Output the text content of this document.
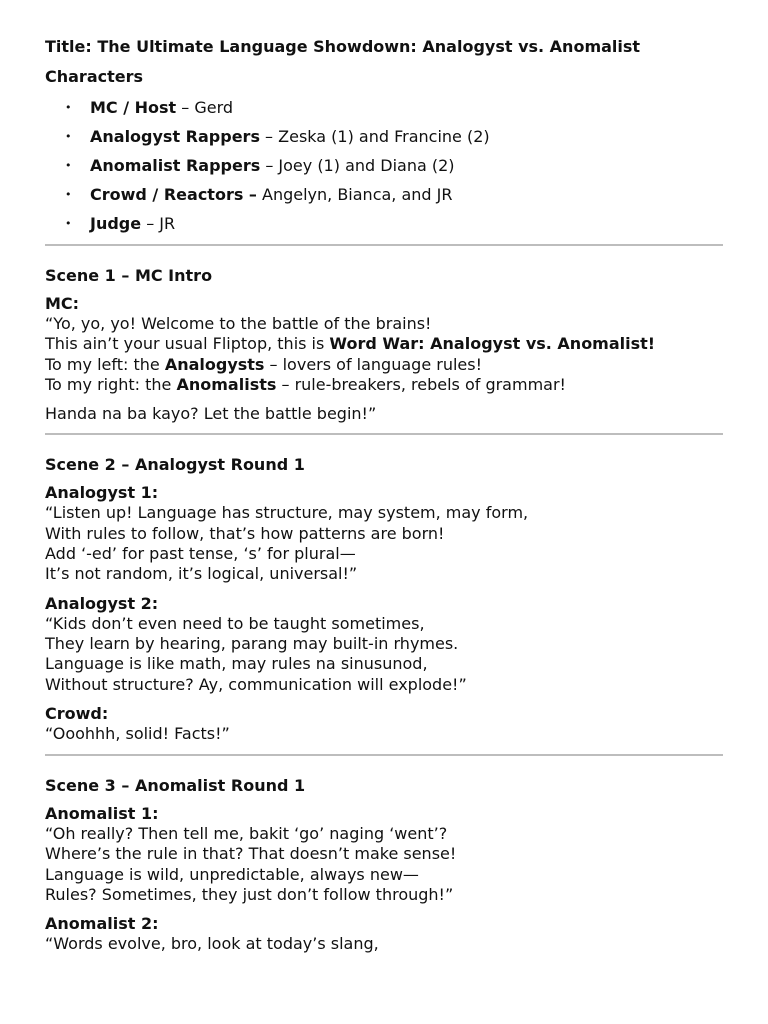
Title: The Ultimate Language Showdown: Analogyst vs. Anomalist
Characters
• MC / Host – Gerd
• Analogyst Rappers – Zeska (1) and Francine (2)
• Anomalist Rappers – Joey (1) and Diana (2)
• Crowd / Reactors – Angelyn, Bianca, and JR
• Judge – JR
Scene 1 – MC Intro
MC:
“Yo, yo, yo! Welcome to the battle of the brains!
This ain’t your usual Fliptop, this is Word War: Analogyst vs. Anomalist!
To my left: the Analogysts – lovers of language rules!
To my right: the Anomalists – rule-breakers, rebels of grammar!
Handa na ba kayo? Let the battle begin!”
Scene 2 – Analogyst Round 1
Analogyst 1:
“Listen up! Language has structure, may system, may form,
With rules to follow, that’s how patterns are born!
Add ‘-ed’ for past tense, ‘s’ for plural—
It’s not random, it’s logical, universal!”
Analogyst 2:
“Kids don’t even need to be taught sometimes,
They learn by hearing, parang may built-in rhymes.
Language is like math, may rules na sinusunod,
Without structure? Ay, communication will explode!”
Crowd:
“Ooohhh, solid! Facts!”
Scene 3 – Anomalist Round 1
Anomalist 1:
“Oh really? Then tell me, bakit ‘go’ naging ‘went’?
Where’s the rule in that? That doesn’t make sense!
Language is wild, unpredictable, always new—
Rules? Sometimes, they just don’t follow through!”
Anomalist 2:
“Words evolve, bro, look at today’s slang,
